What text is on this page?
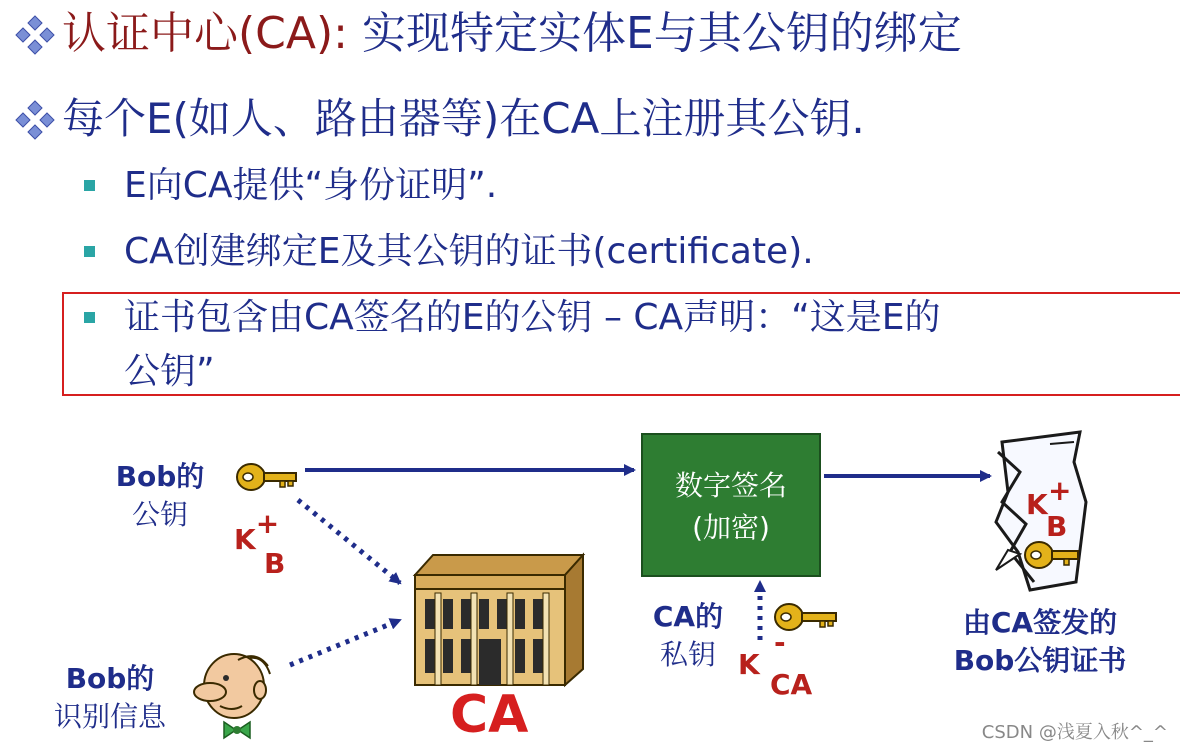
认证中心(CA): 实现特定实体E与其公钥的绑定
每个E(如人、路由器等)在CA上注册其公钥.
E向CA提供“身份证明”.
CA创建绑定E及其公钥的证书(certificate).
证书包含由CA签名的E的公钥 – CA声明：“这是E的
公钥”
Bob的
公钥
K+
B
数字签名
(加密)
CA的
私钥 K
-
CA
K +
B
由CA签发的
Bob公钥证书
Bob的
识别信息	CA	CSDN @浅夏入秋^_^
